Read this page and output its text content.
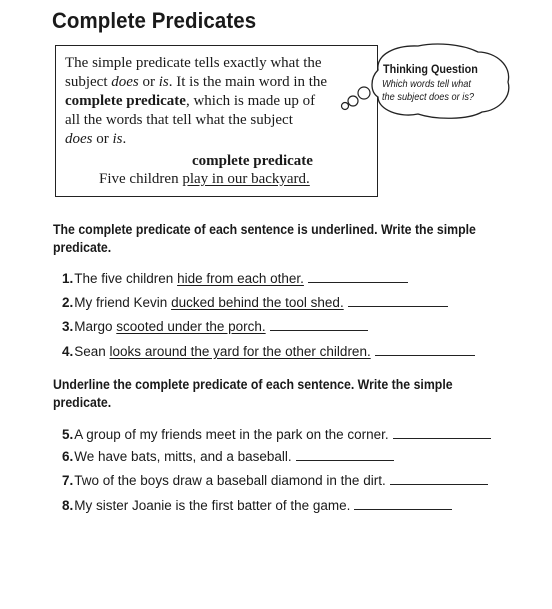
Complete Predicates
The simple predicate tells exactly what the
subject does or is. It is the main word in the
complete predicate, which is made up of
all the words that tell what the subject
does or is.
complete predicate
Five children play in our backyard.
Thinking Question
Which words tell what
the subject does or is?
The complete predicate of each sentence is underlined. Write the simple predicate.
1.The five children hide from each other.
2.My friend Kevin ducked behind the tool shed.
3.Margo scooted under the porch.
4.Sean looks around the yard for the other children.
Underline the complete predicate of each sentence. Write the simple predicate.
5.A group of my friends meet in the park on the corner.
6.We have bats, mitts, and a baseball.
7.Two of the boys draw a baseball diamond in the dirt.
8.My sister Joanie is the first batter of the game.
